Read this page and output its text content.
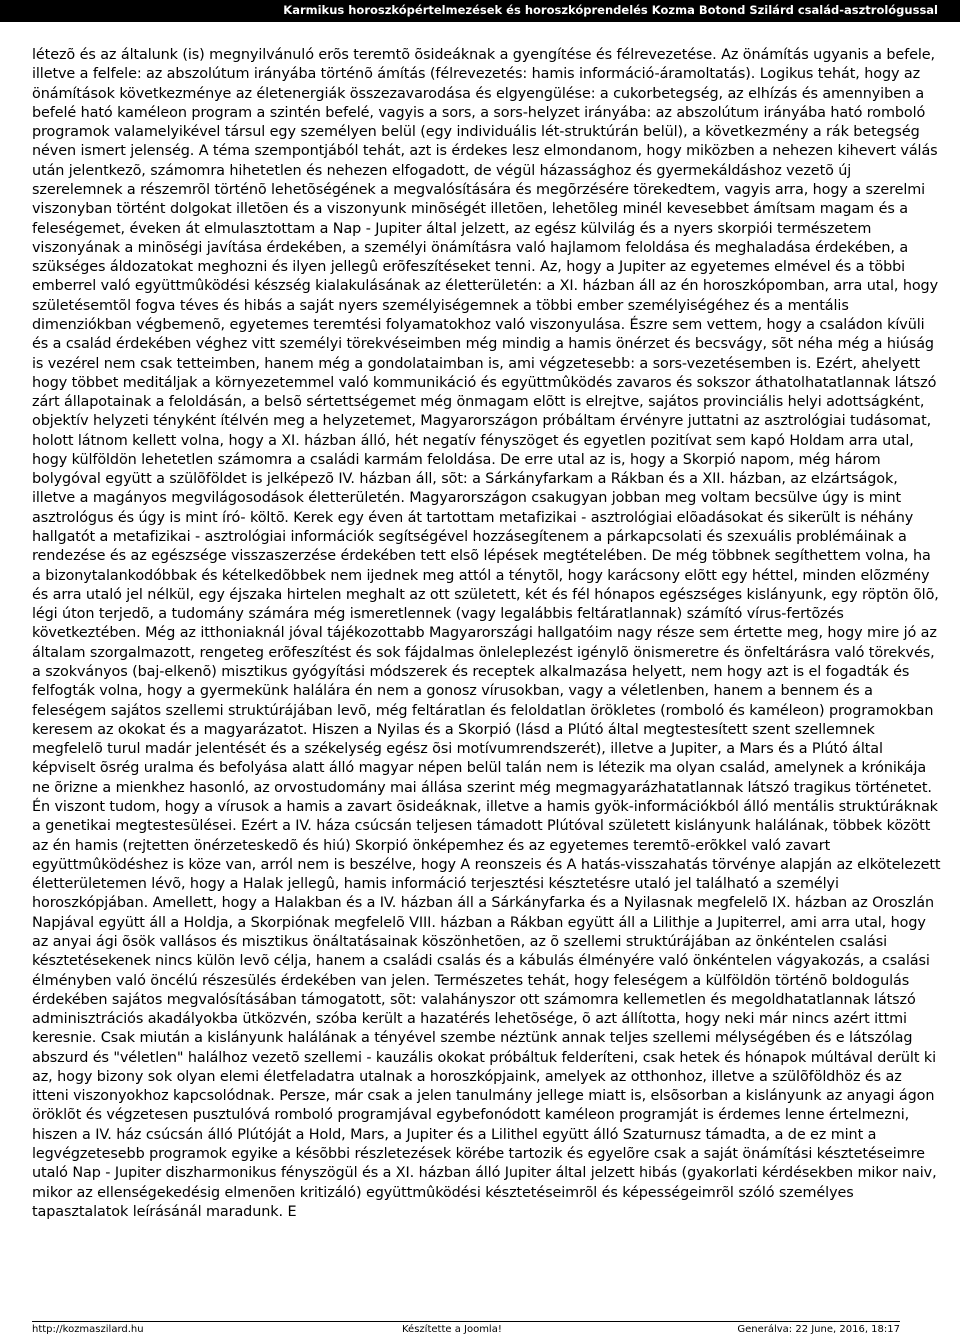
Karmikus horoszkópértelmezések és horoszkóprendelés Kozma Botond Szilárd család-asztrológussal

létezõ és az általunk (is) megnyilvánuló erõs teremtõ õsideáknak a gyengítése és félrevezetése. Az önámítás ugyanis a befele, illetve a felfele: az abszolútum irányába történõ ámítás (félrevezetés: hamis információ-áramoltatás). Logikus tehát, hogy az önámítások következménye az életenergiák összezavarodása és elgyengülése: a cukorbetegség, az elhízás és amennyiben a befelé ható kaméleon program a szintén befelé, vagyis a sors, a sors-helyzet irányába: az abszolútum irányába ható romboló programok valamelyikével társul egy személyen belül (egy individuális lét-struktúrán belül), a következmény a rák betegség néven ismert jelenség. A téma szempontjából tehát, azt is érdekes lesz elmondanom, hogy miközben a nehezen kihevert válás után jelentkezõ, számomra hihetetlen és nehezen elfogadott, de végül házassághoz és gyermekáldáshoz vezetõ új szerelemnek a részemrõl történõ lehetõségének a megvalósítására és megõrzésére törekedtem, vagyis arra, hogy a szerelmi viszonyban történt dolgokat illetõen és a viszonyunk minõségét illetõen, lehetõleg minél kevesebbet ámítsam magam és a feleségemet, éveken át elmulasztottam a Nap - Jupiter által jelzett, az egész külvilág és a nyers skorpiói természetem viszonyának a minõségi javítása érdekében, a személyi önámításra való hajlamom feloldása és meghaladása érdekében, a szükséges áldozatokat meghozni és ilyen jellegû erõfeszítéseket tenni. Az, hogy a Jupiter az egyetemes elmével és a többi emberrel való együttmûködési készség kialakulásának az életterületén: a XI. házban áll az én horoszkópomban, arra utal, hogy születésemtõl fogva téves és hibás a saját nyers személyiségemnek a többi ember személyiségéhez és a mentális dimenziókban végbemenõ, egyetemes teremtési folyamatokhoz való viszonyulása. Észre sem vettem, hogy a családon kívüli és a család érdekében véghez vitt személyi törekvéseimben még mindig a hamis önérzet és becsvágy, sõt néha még a hiúság is vezérel nem csak tetteimben, hanem még a gondolataimban is, ami végzetesebb: a sors-vezetésemben is. Ezért, ahelyett hogy többet meditáljak a környezetemmel való kommunikáció és együttmûködés zavaros és sokszor áthatolhatatlannak látszó zárt állapotainak a feloldásán, a belsõ sértettségemet még önmagam elõtt is elrejtve, sajátos provinciális helyi adottságként, objektív helyzeti tényként ítélvén meg a helyzetemet, Magyarországon próbáltam érvényre juttatni az asztrológiai tudásomat, holott látnom kellett volna, hogy a XI. házban álló, hét negatív fényszöget és egyetlen pozitívat sem kapó Holdam arra utal, hogy külföldön lehetetlen számomra a családi karmám feloldása. De erre utal az is, hogy a Skorpió napom, még három bolygóval együtt a szülõföldet is jelképezõ IV. házban áll, sõt: a Sárkányfarkam a Rákban és a XII. házban, az elzártságok, illetve a magányos megvilágosodások életterületén. Magyarországon csakugyan jobban meg voltam becsülve úgy is mint asztrológus és úgy is mint író- költõ. Kerek egy éven át tartottam metafizikai - asztrológiai elõadásokat és sikerült is néhány hallgatót a metafizikai - asztrológiai információk segítségével hozzásegítenem a párkapcsolati és szexuális problémáinak a rendezése és az egészsége visszaszerzése érdekében tett elsõ lépések megtételében. De még többnek segíthettem volna, ha a bizonytalankodóbbak és kételkedõbbek nem ijednek meg attól a ténytõl, hogy karácsony elõtt egy héttel, minden elõzmény és arra utaló jel nélkül, egy éjszaka hirtelen meghalt az ott született, két és fél hónapos egészséges kislányunk, egy röptön õlõ, légi úton terjedõ, a tudomány számára még ismeretlennek (vagy legalábbis feltáratlannak) számító vírus-fertõzés következtében. Még az itthoniaknál jóval tájékozottabb Magyarországi hallgatóim nagy része sem értette meg, hogy mire jó az általam szorgalmazott, rengeteg erõfeszítést és sok fájdalmas önleleplezést igénylõ önismeretre és önfeltárásra való törekvés, a szokványos (baj-elkenõ) misztikus gyógyítási módszerek és receptek alkalmazása helyett, nem hogy azt is el fogadták és felfogták volna, hogy a gyermekünk halálára én nem a gonosz vírusokban, vagy a véletlenben, hanem a bennem és a feleségem sajátos szellemi struktúrájában levõ, még feltáratlan és feloldatlan örökletes (romboló és kaméleon) programokban keresem az okokat és a magyarázatot. Hiszen a Nyilas és a Skorpió (lásd a Plútó által megtestesített szent szellemnek megfelelõ turul madár jelentését és a székelység egész õsi motívumrendszerét), illetve a Jupiter, a Mars és a Plútó által képviselt õsrég uralma és befolyása alatt álló magyar népen belül talán nem is létezik ma olyan család, amelynek a krónikája ne õrizne a mienkhez hasonló, az orvostudomány mai állása szerint még megmagyarázhatatlannak látszó tragikus történetet. Én viszont tudom, hogy a vírusok a hamis a zavart õsideáknak, illetve a hamis gyök-információkból álló mentális struktúráknak a genetikai megtestesülései. Ezért a IV. háza csúcsán teljesen támadott Plútóval született kislányunk halálának, többek között az én hamis (rejtetten önérzeteskedõ és hiú) Skorpió önképemhez és az egyetemes teremtõ-erõkkel való zavart együttmûködéshez is köze van, arról nem is beszélve, hogy A reonszeis és A hatás-visszahatás törvénye alapján az elkötelezett életterületemen lévõ, hogy a Halak jellegû, hamis információ terjesztési késztetésre utaló jel található a személyi horoszkópjában. Amellett, hogy a Halakban és a IV. házban áll a Sárkányfarka és a Nyilasnak megfelelõ IX. házban az Oroszlán Napjával együtt áll a Holdja, a Skorpiónak megfelelõ VIII. házban a Rákban együtt áll a Lilithje a Jupiterrel, ami arra utal, hogy az anyai ági õsök vallásos és misztikus önáltatásainak köszönhetõen, az õ szellemi struktúrájában az önkéntelen csalási késztetésekenek nincs külön levõ célja, hanem a családi csalás és a kábulás élményére való önkéntelen vágyakozás, a csalási élményben való öncélú részesülés érdekében van jelen. Természetes tehát, hogy feleségem a külföldön történõ boldogulás érdekében sajátos megvalósításában támogatott, sõt: valahányszor ott számomra kellemetlen és megoldhatatlannak látszó adminisztrációs akadályokba ütközvén, szóba került a hazatérés lehetõsége, õ azt állította, hogy neki már nincs azért ittmi keresnie. Csak miután a kislányunk halálának a tényével szembe néztünk annak teljes szellemi mélységében és e látszólag abszurd és "véletlen" halálhoz vezetõ szellemi - kauzális okokat próbáltuk felderíteni, csak hetek és hónapok múltával derült ki az, hogy bizony sok olyan elemi életfeladatra utalnak a horoszkópjaink, amelyek az otthonhoz, illetve a szülõföldhöz és az itteni viszonyokhoz kapcsolódnak. Persze, már csak a jelen tanulmány jellege miatt is, elsõsorban a kislányunk az anyagi ágon öröklõt és végzetesen pusztulóvá romboló programjával egybefonódott kaméleon programját is érdemes lenne értelmezni, hiszen a IV. ház csúcsán álló Plútóját a Hold, Mars, a Jupiter és a Lilithel együtt álló Szaturnusz támadta, a de ez mint a legvégzetesebb programok egyike a késõbbi részletezések körébe tartozik és egyelõre csak a saját önámítási késztetéseimre utaló Nap - Jupiter diszharmonikus fényszögül és a XI. házban álló Jupiter által jelzett hibás (gyakorlati kérdésekben mikor naiv, mikor az ellenségekedésig elmenõen kritizáló) együttmûködési késztetéseimrõl és képességeimrõl szóló személyes tapasztalatok leírásánál maradunk. E

http://kozmaszilard.hu	Készítette a Joomla!	Generálva: 22 June, 2016, 18:17
